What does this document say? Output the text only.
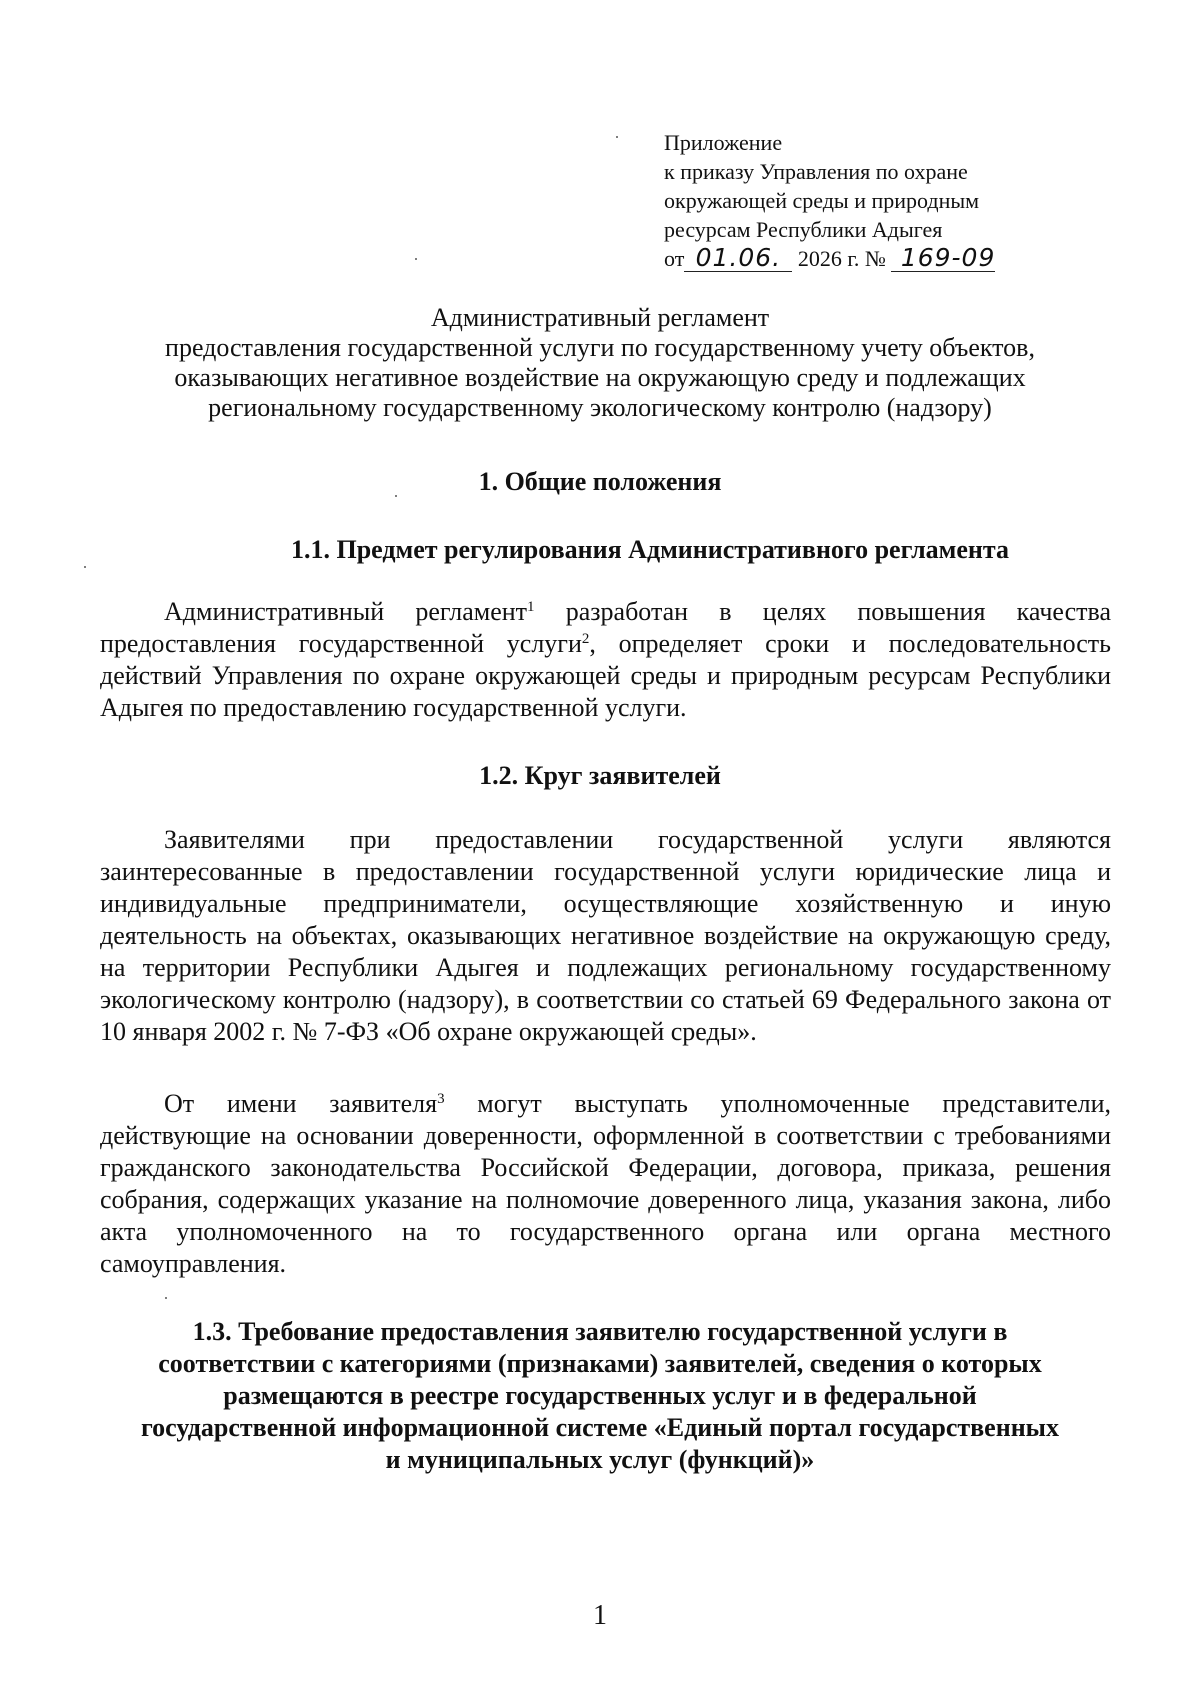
Приложение
к приказу Управления по охране
окружающей среды и природным
ресурсам Республики Адыгея
от 01.06. 2026 г. № 169-09
Административный регламент
предоставления государственной услуги по государственному учету объектов,
оказывающих негативное воздействие на окружающую среду и подлежащих
региональному государственному экологическому контролю (надзору)
1. Общие положения
1.1. Предмет регулирования Административного регламента
Административный регламент$^1$ разработан в целях повышения качества предоставления государственной услуги$^2$, определяет сроки и последовательность действий Управления по охране окружающей среды и природным ресурсам Республики Адыгея по предоставлению государственной услуги.
1.2. Круг заявителей
Заявителями при предоставлении государственной услуги являются заинтересованные в предоставлении государственной услуги юридические лица и индивидуальные предприниматели, осуществляющие хозяйственную и иную деятельность на объектах, оказывающих негативное воздействие на окружающую среду, на территории Республики Адыгея и подлежащих региональному государственному экологическому контролю (надзору), в соответствии со статьей 69 Федерального закона от 10 января 2002 г. № 7-ФЗ «Об охране окружающей среды».
От имени заявителя$^3$ могут выступать уполномоченные представители, действующие на основании доверенности, оформленной в соответствии с требованиями гражданского законодательства Российской Федерации, договора, приказа, решения собрания, содержащих указание на полномочие доверенного лица, указания закона, либо акта уполномоченного на то государственного органа или органа местного самоуправления.
1.3. Требование предоставления заявителю государственной услуги в
соответствии с категориями (признаками) заявителей, сведения о которых
размещаются в реестре государственных услуг и в федеральной
государственной информационной системе «Единый портал государственных
и муниципальных услуг (функций)»
1
